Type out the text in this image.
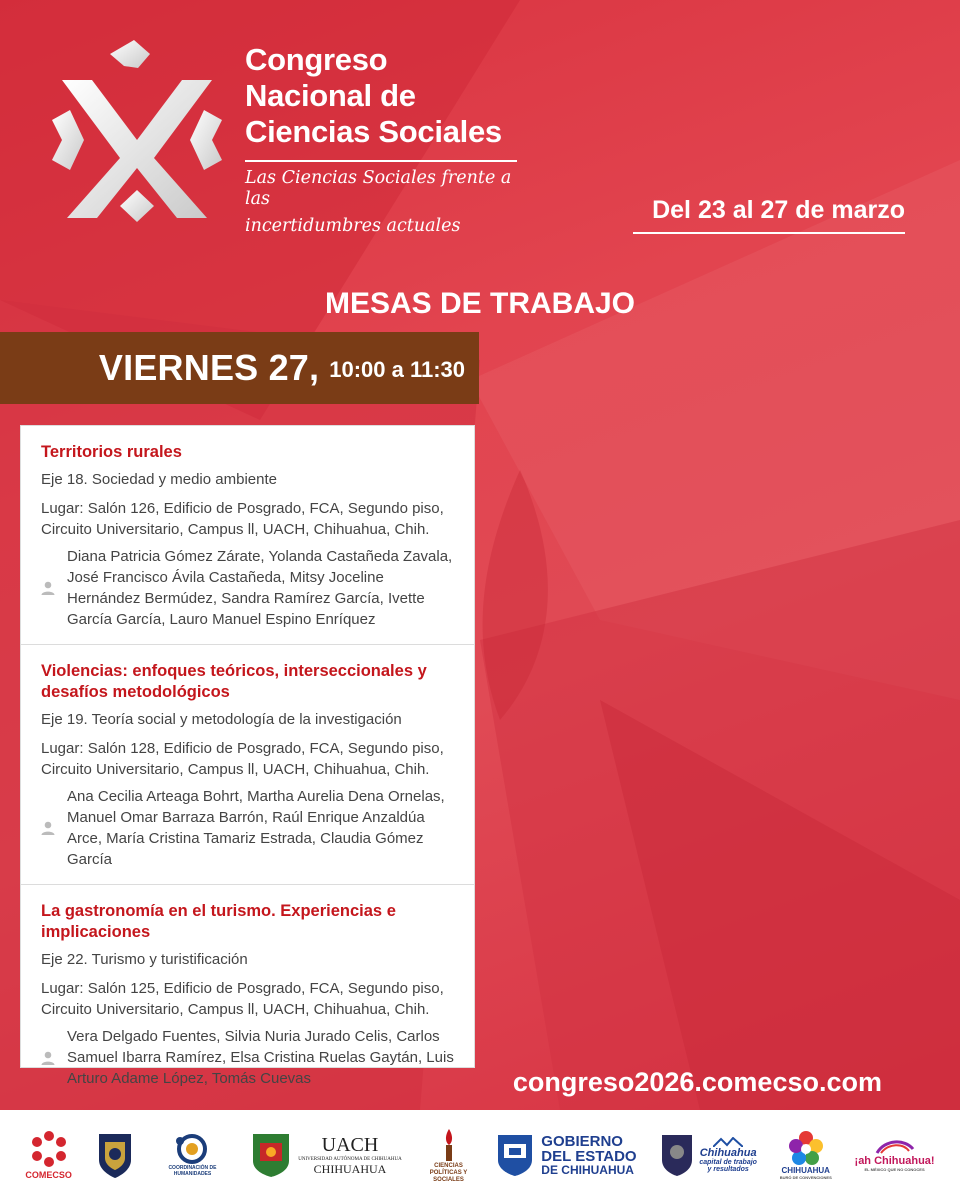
Congreso
Nacional de
Ciencias Sociales
Las Ciencias Sociales frente a las
incertidumbres actuales
Del 23 al 27 de marzo
MESAS DE TRABAJO
VIERNES 27, 10:00 a 11:30
Territorios rurales
Eje 18. Sociedad y medio ambiente
Lugar: Salón 126, Edificio de Posgrado, FCA, Segundo piso, Circuito Universitario, Campus ll, UACH, Chihuahua, Chih.
Diana Patricia Gómez Zárate, Yolanda Castañeda Zavala, José Francisco Ávila Castañeda, Mitsy Joceline Hernández Bermúdez, Sandra Ramírez García, Ivette García García, Lauro Manuel Espino Enríquez
Violencias: enfoques teóricos, interseccionales y desafíos metodológicos
Eje 19. Teoría social y metodología de la investigación
Lugar: Salón 128, Edificio de Posgrado, FCA, Segundo piso, Circuito Universitario, Campus ll, UACH, Chihuahua, Chih.
Ana Cecilia Arteaga Bohrt, Martha Aurelia Dena Ornelas, Manuel Omar Barraza Barrón, Raúl Enrique Anzaldúa Arce, María Cristina Tamariz Estrada, Claudia Gómez García
La gastronomía en el turismo. Experiencias e implicaciones
Eje 22. Turismo y turistificación
Lugar: Salón 125, Edificio de Posgrado, FCA, Segundo piso, Circuito Universitario, Campus ll, UACH, Chihuahua, Chih.
Vera Delgado Fuentes, Silvia Nuria Jurado Celis, Carlos Samuel Ibarra Ramírez, Elsa Cristina Ruelas Gaytán, Luis Arturo Adame López, Tomás Cuevas	congreso2026.comecso.com
COMECSO
COORDINACIÓN DE HUMANIDADES
UACH
UNIVERSIDAD AUTÓNOMA DE CHIHUAHUA
CHIHUAHUA	CIENCIAS POLÍTICAS Y SOCIALES
GOBIERNO
DEL ESTADO
DE CHIHUAHUA
Chihuahua
capital de trabajo
y resultados	CHIHUAHUA
BURÓ DE CONVENCIONES
¡ah Chihuahua!
EL MÉXICO QUE NO CONOCES
